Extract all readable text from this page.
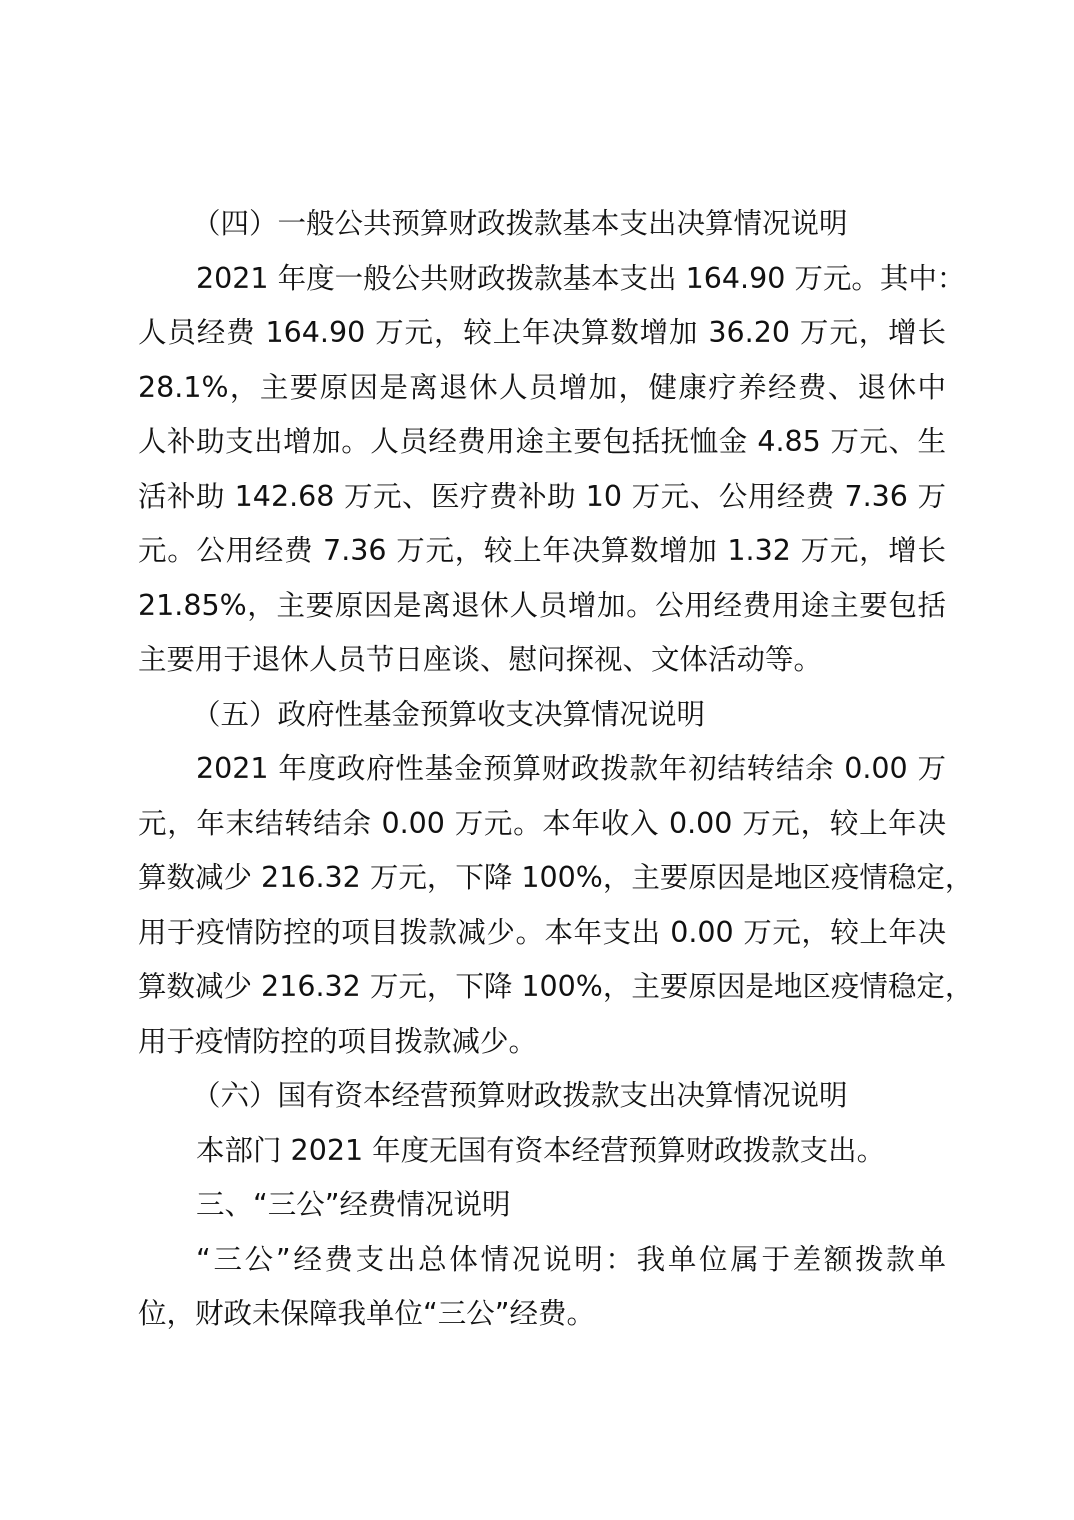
（四）一般公共预算财政拨款基本支出决算情况说明
2021 年度一般公共财政拨款基本支出 164.90 万元。其中：
人员经费 164.90 万元，较上年决算数增加 36.20 万元，增长
28.1%，主要原因是离退休人员增加，健康疗养经费、退休中
人补助支出增加。人员经费用途主要包括抚恤金 4.85 万元、生
活补助 142.68 万元、医疗费补助 10 万元、公用经费 7.36 万
元。公用经费 7.36 万元，较上年决算数增加 1.32 万元，增长
21.85%，主要原因是离退休人员增加。公用经费用途主要包括
主要用于退休人员节日座谈、慰问探视、文体活动等。
（五）政府性基金预算收支决算情况说明
2021 年度政府性基金预算财政拨款年初结转结余 0.00 万
元，年末结转结余 0.00 万元。本年收入 0.00 万元，较上年决
算数减少 216.32 万元，下降 100%，主要原因是地区疫情稳定，
用于疫情防控的项目拨款减少。本年支出 0.00 万元，较上年决
算数减少 216.32 万元，下降 100%，主要原因是地区疫情稳定，
用于疫情防控的项目拨款减少。
（六）国有资本经营预算财政拨款支出决算情况说明
本部门 2021 年度无国有资本经营预算财政拨款支出。
三、“三公”经费情况说明
“三公”经费支出总体情况说明：我单位属于差额拨款单
位，财政未保障我单位“三公”经费。
